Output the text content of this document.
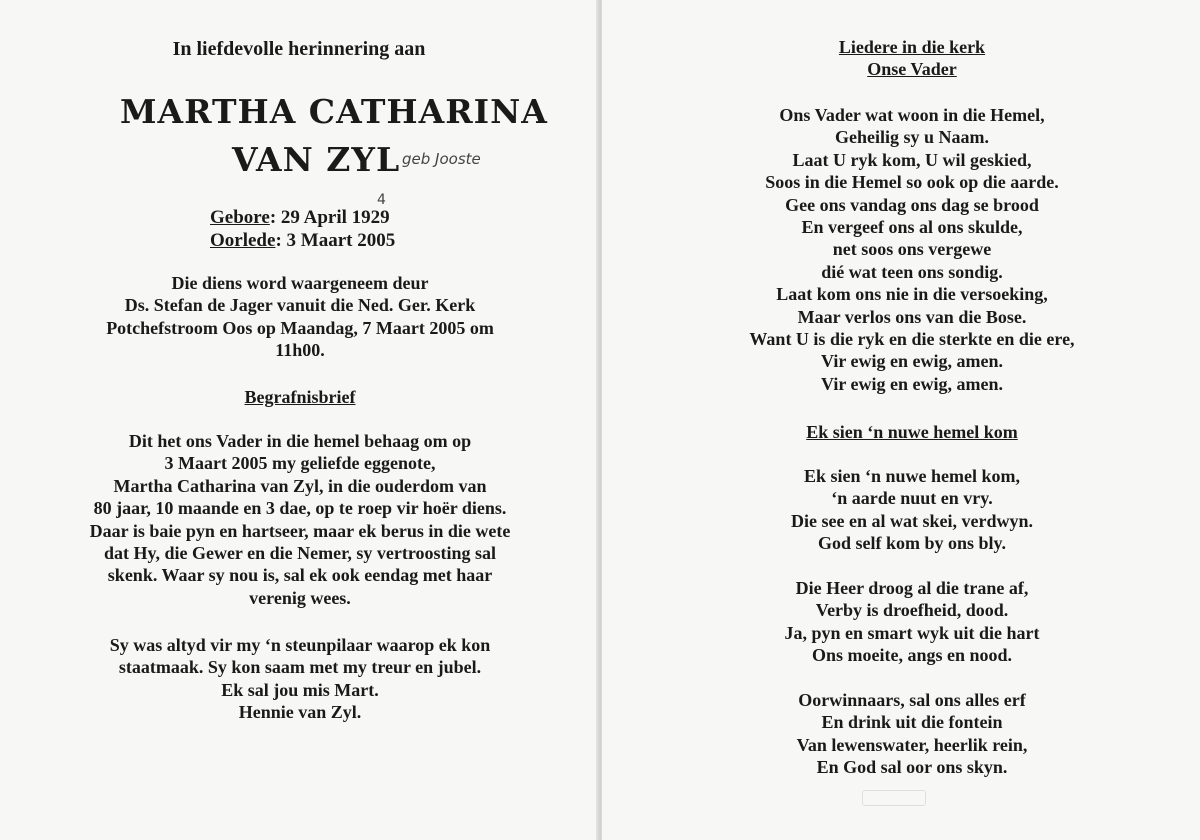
In liefdevolle herinnering aan
MARTHA CATHARINA
VAN ZYL geb Jooste
4
Gebore: 29 April 1929
Oorlede: 3 Maart 2005
Die diens word waargeneem deur
Ds. Stefan de Jager vanuit die Ned. Ger. Kerk
Potchefstroom Oos op Maandag, 7 Maart 2005 om
11h00.
Begrafnisbrief
Dit het ons Vader in die hemel behaag om op
3 Maart 2005 my geliefde eggenote,
Martha Catharina van Zyl, in die ouderdom van
80 jaar, 10 maande en 3 dae, op te roep vir hoër diens.
Daar is baie pyn en hartseer, maar ek berus in die wete
dat Hy, die Gewer en die Nemer, sy vertroosting sal
skenk. Waar sy nou is, sal ek ook eendag met haar
verenig wees.
Sy was altyd vir my ‘n steunpilaar waarop ek kon
staatmaak. Sy kon saam met my treur en jubel.
Ek sal jou mis Mart.
Hennie van Zyl.
Liedere in die kerk
Onse Vader
Ons Vader wat woon in die Hemel,
Geheilig sy u Naam.
Laat U ryk kom, U wil geskied,
Soos in die Hemel so ook op die aarde.
Gee ons vandag ons dag se brood
En vergeef ons al ons skulde,
net soos ons vergewe
dié wat teen ons sondig.
Laat kom ons nie in die versoeking,
Maar verlos ons van die Bose.
Want U is die ryk en die sterkte en die ere,
Vir ewig en ewig, amen.
Vir ewig en ewig, amen.
Ek sien ‘n nuwe hemel kom
Ek sien ‘n nuwe hemel kom,
‘n aarde nuut en vry.
Die see en al wat skei, verdwyn.
God self kom by ons bly.
Die Heer droog al die trane af,
Verby is droefheid, dood.
Ja, pyn en smart wyk uit die hart
Ons moeite, angs en nood.
Oorwinnaars, sal ons alles erf
En drink uit die fontein
Van lewenswater, heerlik rein,
En God sal oor ons skyn.
